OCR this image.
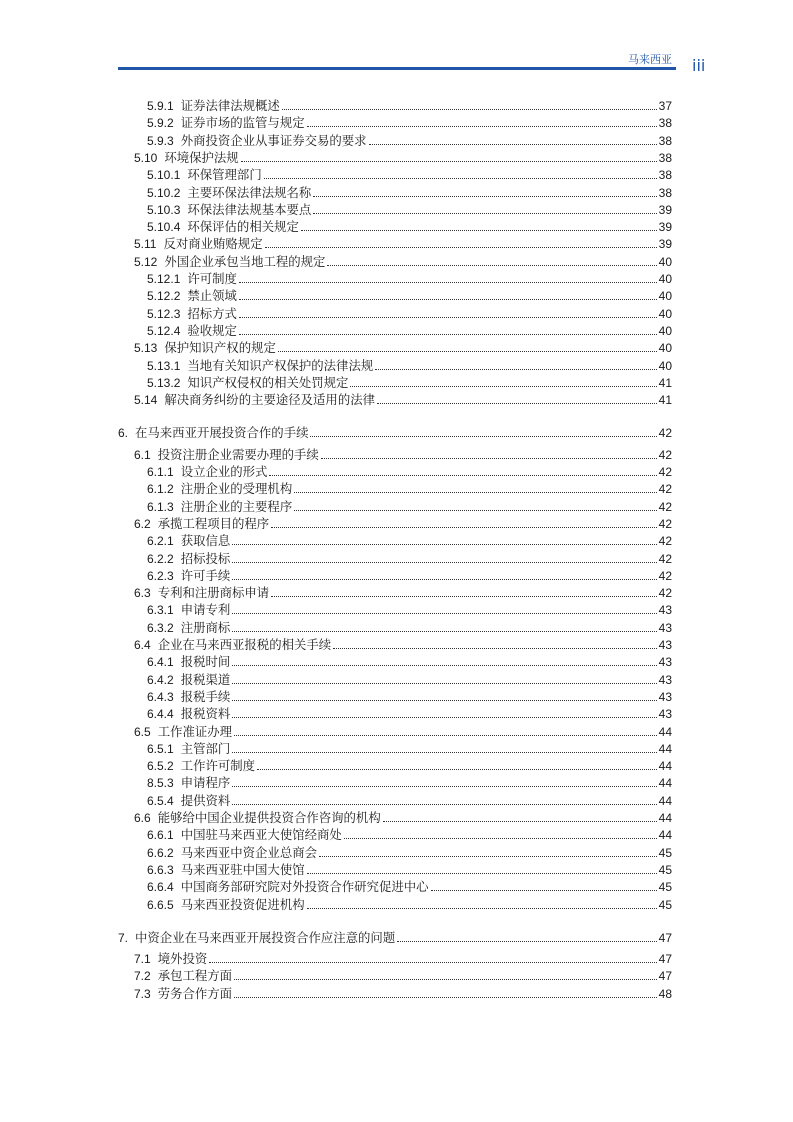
马来西亚 iii
5.9.1 证券法律法规概述	37
5.9.2 证券市场的监管与规定	38
5.9.3 外商投资企业从事证券交易的要求	38
5.10 环境保护法规	38
5.10.1 环保管理部门	38
5.10.2 主要环保法律法规名称	38
5.10.3 环保法律法规基本要点	39
5.10.4 环保评估的相关规定	39
5.11 反对商业贿赂规定	39
5.12 外国企业承包当地工程的规定	40
5.12.1 许可制度	40
5.12.2 禁止领域	40
5.12.3 招标方式	40
5.12.4 验收规定	40
5.13 保护知识产权的规定	40
5.13.1 当地有关知识产权保护的法律法规	40
5.13.2 知识产权侵权的相关处罚规定	41
5.14 解决商务纠纷的主要途径及适用的法律	41
6. 在马来西亚开展投资合作的手续	42
6.1 投资注册企业需要办理的手续	42
6.1.1 设立企业的形式	42
6.1.2 注册企业的受理机构	42
6.1.3 注册企业的主要程序	42
6.2 承揽工程项目的程序	42
6.2.1 获取信息	42
6.2.2 招标投标	42
6.2.3 许可手续	42
6.3 专利和注册商标申请	42
6.3.1 申请专利	43
6.3.2 注册商标	43
6.4 企业在马来西亚报税的相关手续	43
6.4.1 报税时间	43
6.4.2 报税渠道	43
6.4.3 报税手续	43
6.4.4 报税资料	43
6.5 工作准证办理	44
6.5.1 主管部门	44
6.5.2 工作许可制度	44
8.5.3 申请程序	44
6.5.4 提供资料	44
6.6 能够给中国企业提供投资合作咨询的机构	44
6.6.1 中国驻马来西亚大使馆经商处	44
6.6.2 马来西亚中资企业总商会	45
6.6.3 马来西亚驻中国大使馆	45
6.6.4 中国商务部研究院对外投资合作研究促进中心	45
6.6.5 马来西亚投资促进机构	45
7. 中资企业在马来西亚开展投资合作应注意的问题	47
7.1 境外投资	47
7.2 承包工程方面	47
7.3 劳务合作方面	48
